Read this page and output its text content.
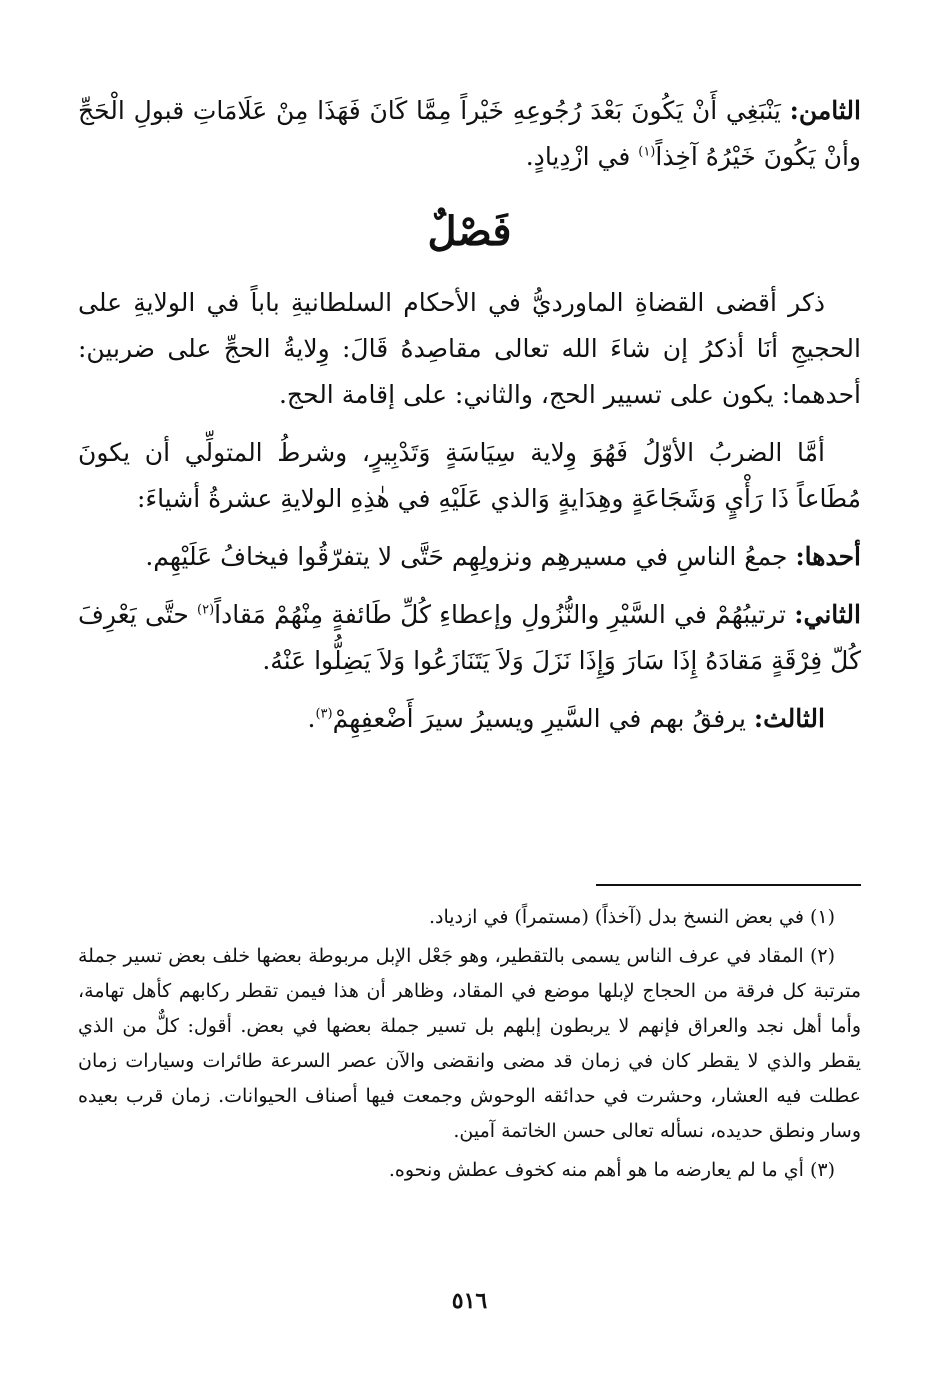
الثامن: يَنْبَغِي أَنْ يَكُونَ بَعْدَ رُجُوعِهِ خَيْراً مِمَّا كَانَ فَهَذَا مِنْ عَلَامَاتِ قبولِ الْحَجِّ وأنْ يَكُونَ خَيْرُهُ آخِذاً$^{(١)}$ في ازْدِيادٍ.

فَصْلٌ

ذكر أقضى القضاةِ الماورديُّ في الأحكام السلطانيةِ باباً في الولايةِ على الحجيجِ أنَا أذكرُ إن شاءَ الله تعالى مقاصِدهُ قَالَ: وِلايةُ الحجِّ على ضربين: أحدهما: يكون على تسيير الحج، والثاني: على إقامة الحج.

أمَّا الضربُ الأوّلُ فَهُوَ وِلاية سِيَاسَةٍ وَتَدْبِيرٍ، وشرطُ المتولِّي أن يكونَ مُطَاعاً ذَا رَأْيٍ وَشَجَاعَةٍ وهِدَايةٍ وَالذي عَلَيْهِ في هٰذِهِ الولايةِ عشرةُ أشياءَ:

أحدها: جمعُ الناسِ في مسيرهِم ونزولِهِم حَتَّى لا يتفرّقُوا فيخافُ عَلَيْهِم.

الثاني: ترتيبُهُمْ في السَّيْرِ والنُّزُولِ وإعطاءِ كُلِّ طَائفةٍ مِنْهُمْ مَقاداً$^{(٢)}$ حتَّى يَعْرِفَ كُلّ فِرْقَةٍ مَقادَهُ إِذَا سَارَ وَإِذَا نَزَلَ وَلاَ يَتَنَازَعُوا وَلاَ يَضِلُّوا عَنْهُ.

الثالث: يرفقُ بهم في السَّيرِ ويسيرُ سيرَ أَضْعفِهِمْ$^{(٣)}$.

(١) في بعض النسخ بدل (آخذاً) (مستمراً) في ازدياد.

(٢) المقاد في عرف الناس يسمى بالتقطير، وهو جَعْل الإبل مربوطة بعضها خلف بعض تسير جملة مترتبة كل فرقة من الحجاج لإبلها موضع في المقاد، وظاهر أن هذا فيمن تقطر ركابهم كأهل تهامة، وأما أهل نجد والعراق فإنهم لا يربطون إبلهم بل تسير جملة بعضها في بعض. أقول: كلٌّ من الذي يقطر والذي لا يقطر كان في زمان قد مضى وانقضى والآن عصر السرعة طائرات وسيارات زمان عطلت فيه العشار، وحشرت في حدائقه الوحوش وجمعت فيها أصناف الحيوانات. زمان قرب بعيده وسار ونطق حديده، نسأله تعالى حسن الخاتمة آمين.

(٣) أي ما لم يعارضه ما هو أهم منه كخوف عطش ونحوه.

٥١٦
